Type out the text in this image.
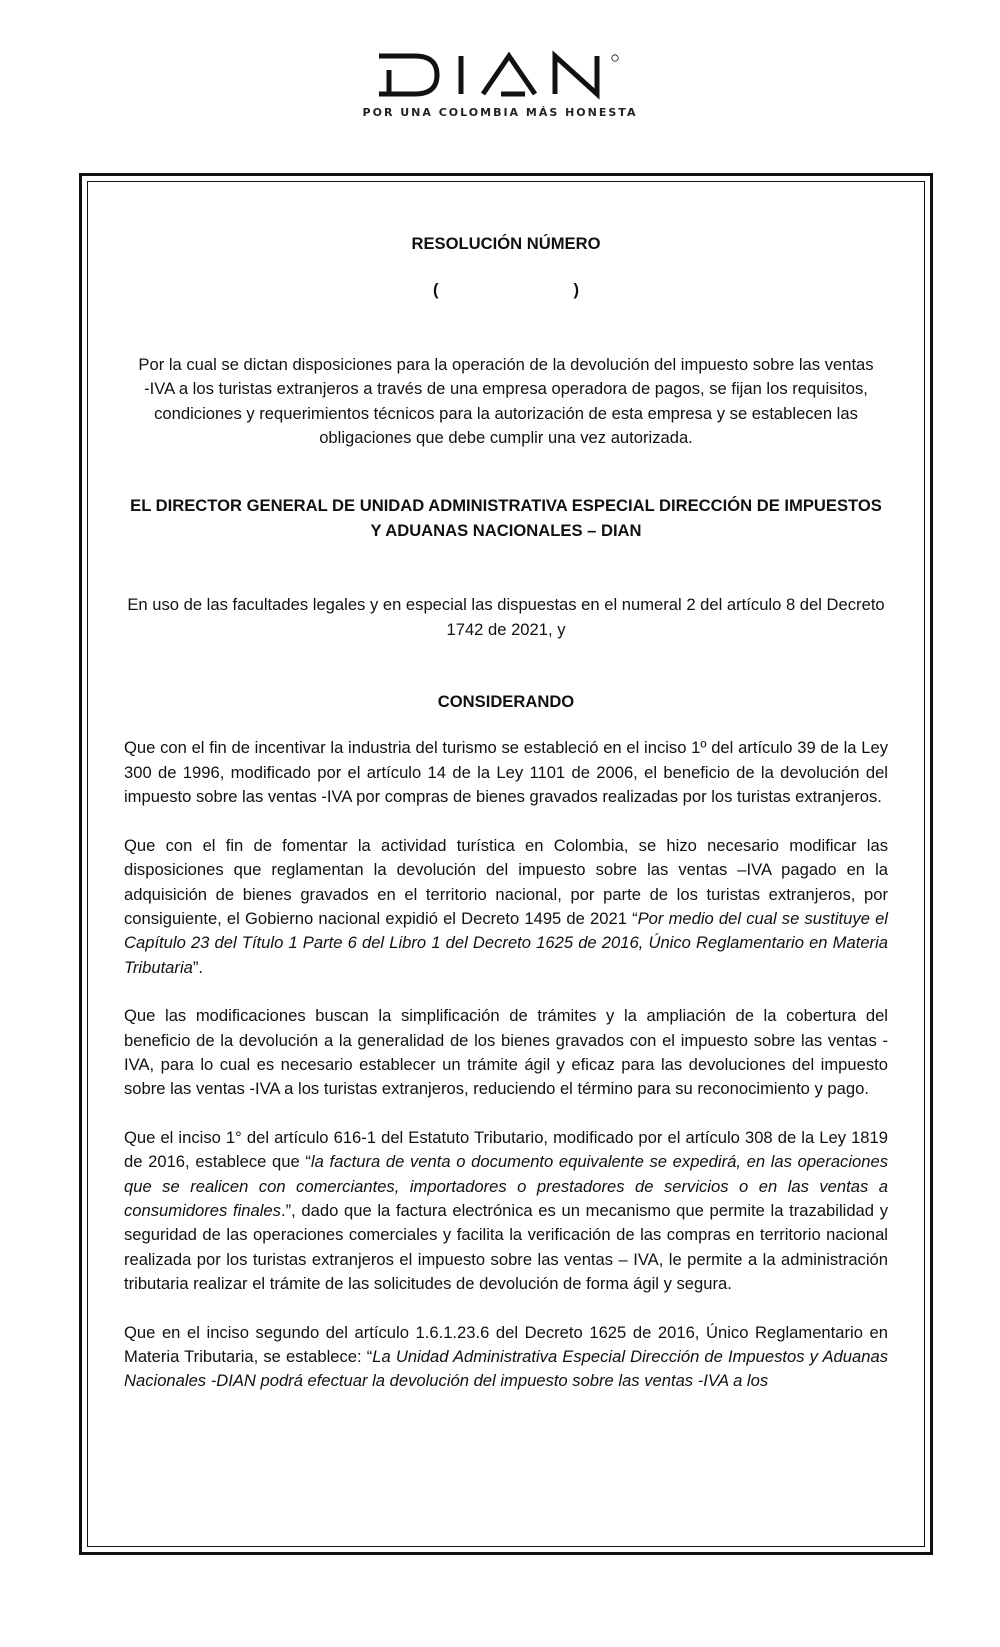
POR UNA COLOMBIA MÁS HONESTA

RESOLUCIÓN NÚMERO

(	)

Por la cual se dictan disposiciones para la operación de la devolución del impuesto sobre las ventas -IVA a los turistas extranjeros a través de una empresa operadora de pagos, se fijan los requisitos, condiciones y requerimientos técnicos para la autorización de esta empresa y se establecen las obligaciones que debe cumplir una vez autorizada.

EL DIRECTOR GENERAL DE UNIDAD ADMINISTRATIVA ESPECIAL DIRECCIÓN DE IMPUESTOS Y ADUANAS NACIONALES – DIAN

En uso de las facultades legales y en especial las dispuestas en el numeral 2 del artículo 8 del Decreto 1742 de 2021, y

CONSIDERANDO

Que con el fin de incentivar la industria del turismo se estableció en el inciso 1º del artículo 39 de la Ley 300 de 1996, modificado por el artículo 14 de la Ley 1101 de 2006, el beneficio de la devolución del impuesto sobre las ventas -IVA por compras de bienes gravados realizadas por los turistas extranjeros.

Que con el fin de fomentar la actividad turística en Colombia, se hizo necesario modificar las disposiciones que reglamentan la devolución del impuesto sobre las ventas –IVA pagado en la adquisición de bienes gravados en el territorio nacional, por parte de los turistas extranjeros, por consiguiente, el Gobierno nacional expidió el Decreto 1495 de 2021 “Por medio del cual se sustituye el Capítulo 23 del Título 1 Parte 6 del Libro 1 del Decreto 1625 de 2016, Único Reglamentario en Materia Tributaria”.

Que las modificaciones buscan la simplificación de trámites y la ampliación de la cobertura del beneficio de la devolución a la generalidad de los bienes gravados con el impuesto sobre las ventas -IVA, para lo cual es necesario establecer un trámite ágil y eficaz para las devoluciones del impuesto sobre las ventas -IVA a los turistas extranjeros, reduciendo el término para su reconocimiento y pago.

Que el inciso 1° del artículo 616-1 del Estatuto Tributario, modificado por el artículo 308 de la Ley 1819 de 2016, establece que “la factura de venta o documento equivalente se expedirá, en las operaciones que se realicen con comerciantes, importadores o prestadores de servicios o en las ventas a consumidores finales.”, dado que la factura electrónica es un mecanismo que permite la trazabilidad y seguridad de las operaciones comerciales y facilita la verificación de las compras en territorio nacional realizada por los turistas extranjeros el impuesto sobre las ventas – IVA, le permite a la administración tributaria realizar el trámite de las solicitudes de devolución de forma ágil y segura.

Que en el inciso segundo del artículo 1.6.1.23.6 del Decreto 1625 de 2016, Único Reglamentario en Materia Tributaria, se establece: “La Unidad Administrativa Especial Dirección de Impuestos y Aduanas Nacionales -DIAN podrá efectuar la devolución del impuesto sobre las ventas -IVA a los
